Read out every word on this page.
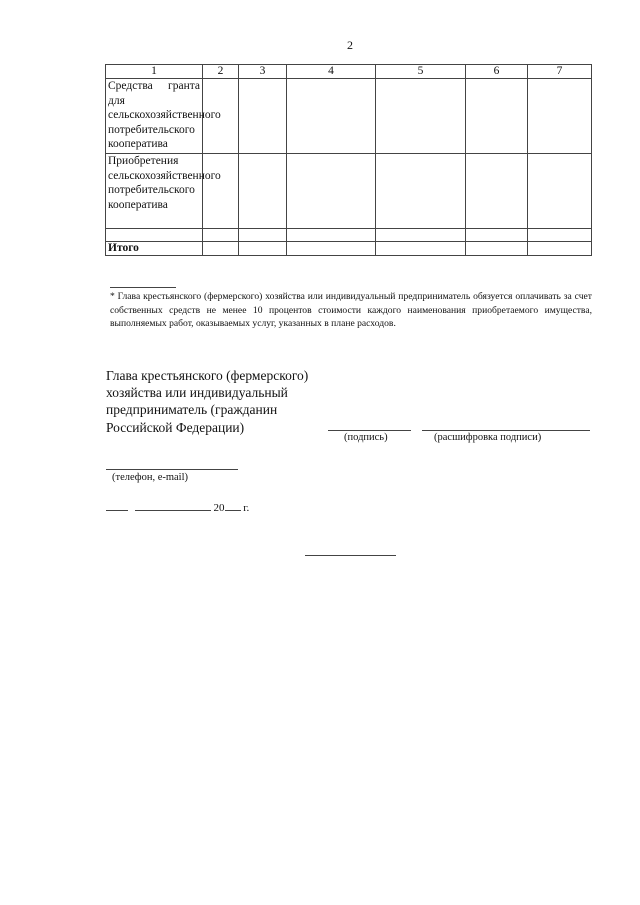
2
1	2	3	4	5	6	7
Средства гранта для сельскохозяйственного потребительского кооператива						
Приобретения сельскохозяйственного потребительского кооператива						

Итого						
* Глава крестьянского (фермерского) хозяйства или индивидуальный предприниматель обязуется оплачивать за счет собственных средств не менее 10 процентов стоимости каждого наименования приобретаемого имущества, выполняемых работ, оказываемых услуг, указанных в плане расходов.
Глава крестьянского (фермерского) хозяйства или индивидуальный предприниматель (гражданин Российской Федерации)
(подпись)	(расшифровка подписи)
(телефон, e-mail)
20 г.
